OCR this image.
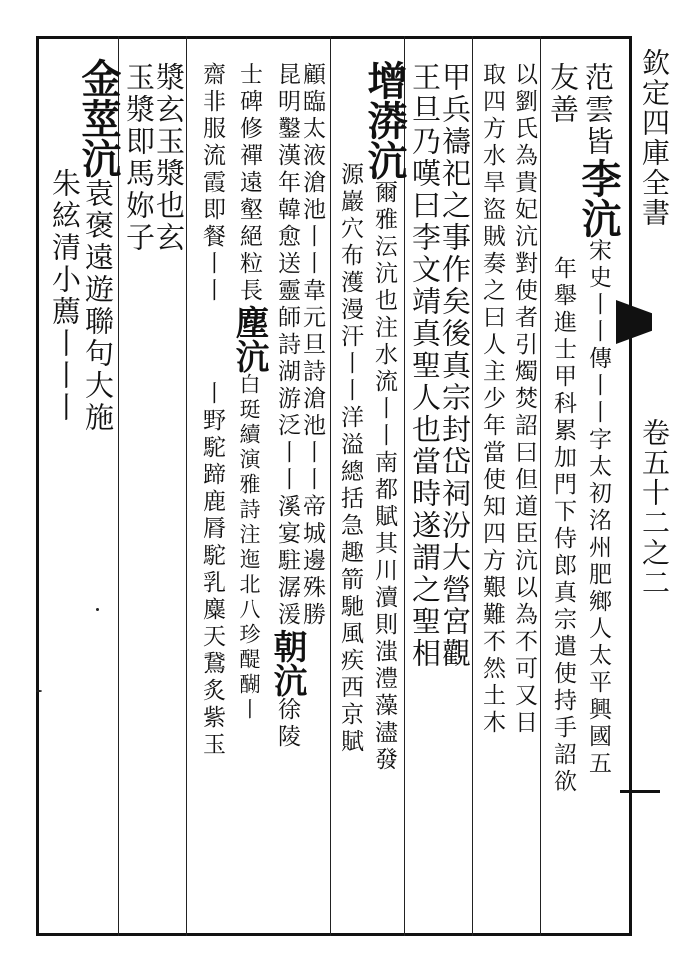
欽定四庫全書
卷五十二之二
范雲皆李沆宋史丨丨傳丨丨字太初洺州肥鄉人太平興國五
友善年舉進士甲科累加門下侍郎真宗遣使持手詔欲
以劉氏為貴妃沆對使者引燭焚詔曰但道臣沆以為不可又日
取四方水旱盜賊奏之曰人主少年當使知四方艱難不然土木
甲兵禱祀之事作矣後真宗封岱祠汾大營宮觀
王旦乃嘆曰李文靖真聖人也當時遂謂之聖相
增漭沆爾雅沄沆也注水流丨丨南都賦其川瀆則滍澧藻濜發
源巖穴布濩漫汗丨丨洋溢總括急趣箭馳風疾西京賦
顧臨太液滄池丨丨韋元旦詩滄池丨丨帝城邊殊勝
昆明鑿漢年韓愈送靈師詩湖游泛丨丨溪宴駐潺湲朝沆徐陵
士碑修禪遠壑絕粒長塵沆白珽續演雅詩注迤北八珍醍醐丨
齋非服流霞即餐丨丨丨野駝蹄鹿脣駝乳麋天鵞炙紫玉
漿玄玉漿也玄
玉漿即馬妳子
金莖沆袁褒遠遊聯句大施
朱絃清小薦丨丨丨
